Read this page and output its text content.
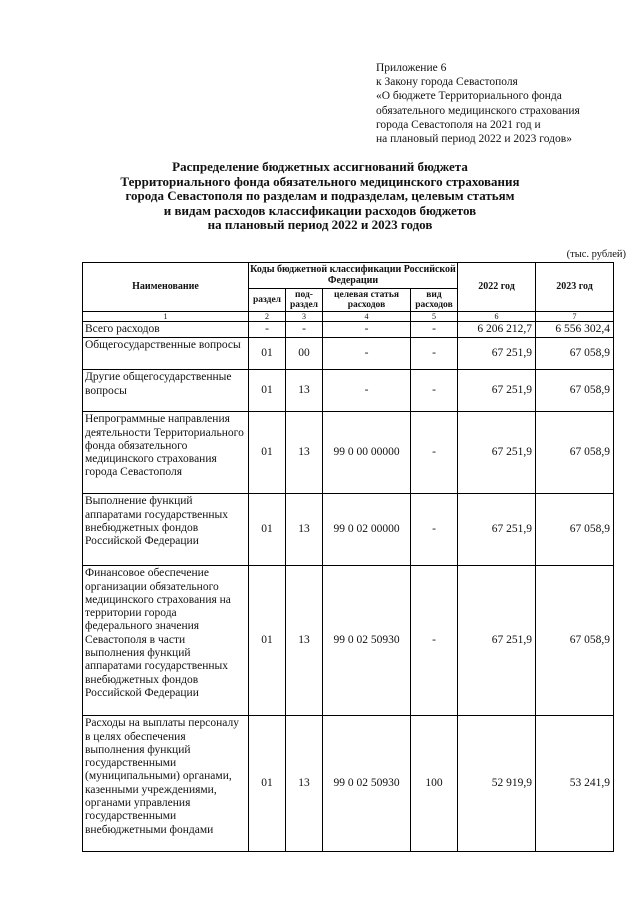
Приложение 6
к Закону города Севастополя
«О бюджете Территориального фонда
обязательного медицинского страхования
города Севастополя на 2021 год и
на плановый период 2022 и 2023 годов»
Распределение бюджетных ассигнований бюджета
Территориального фонда обязательного медицинского страхования
города Севастополя по разделам и подразделам, целевым статьям
и видам расходов классификации расходов бюджетов
на плановый период 2022 и 2023 годов
(тыс. рублей)
Наименование	Коды бюджетной классификации Российской Федерации				2022 год	2023 год
	раздел	под-раздел	целевая статья расходов	вид расходов		
1	2	3	4	5	6	7
Всего расходов	-	-	-	-	6 206 212,7	6 556 302,4
Общегосударственные вопросы	01	00	-	-	67 251,9	67 058,9
Другие общегосударственные вопросы	01	13	-	-	67 251,9	67 058,9
Непрограммные направления деятельности Территориального фонда обязательного медицинского страхования города Севастополя	01	13	99 0 00 00000	-	67 251,9	67 058,9
Выполнение функций аппаратами государственных внебюджетных фондов Российской Федерации	01	13	99 0 02 00000	-	67 251,9	67 058,9
Финансовое обеспечение организации обязательного медицинского страхования на территории города федерального значения Севастополя в части выполнения функций аппаратами государственных внебюджетных фондов Российской Федерации	01	13	99 0 02 50930	-	67 251,9	67 058,9
Расходы на выплаты персоналу в целях обеспечения выполнения функций государственными (муниципальными) органами, казенными учреждениями, органами управления государственными внебюджетными фондами	01	13	99 0 02 50930	100	52 919,9	53 241,9
